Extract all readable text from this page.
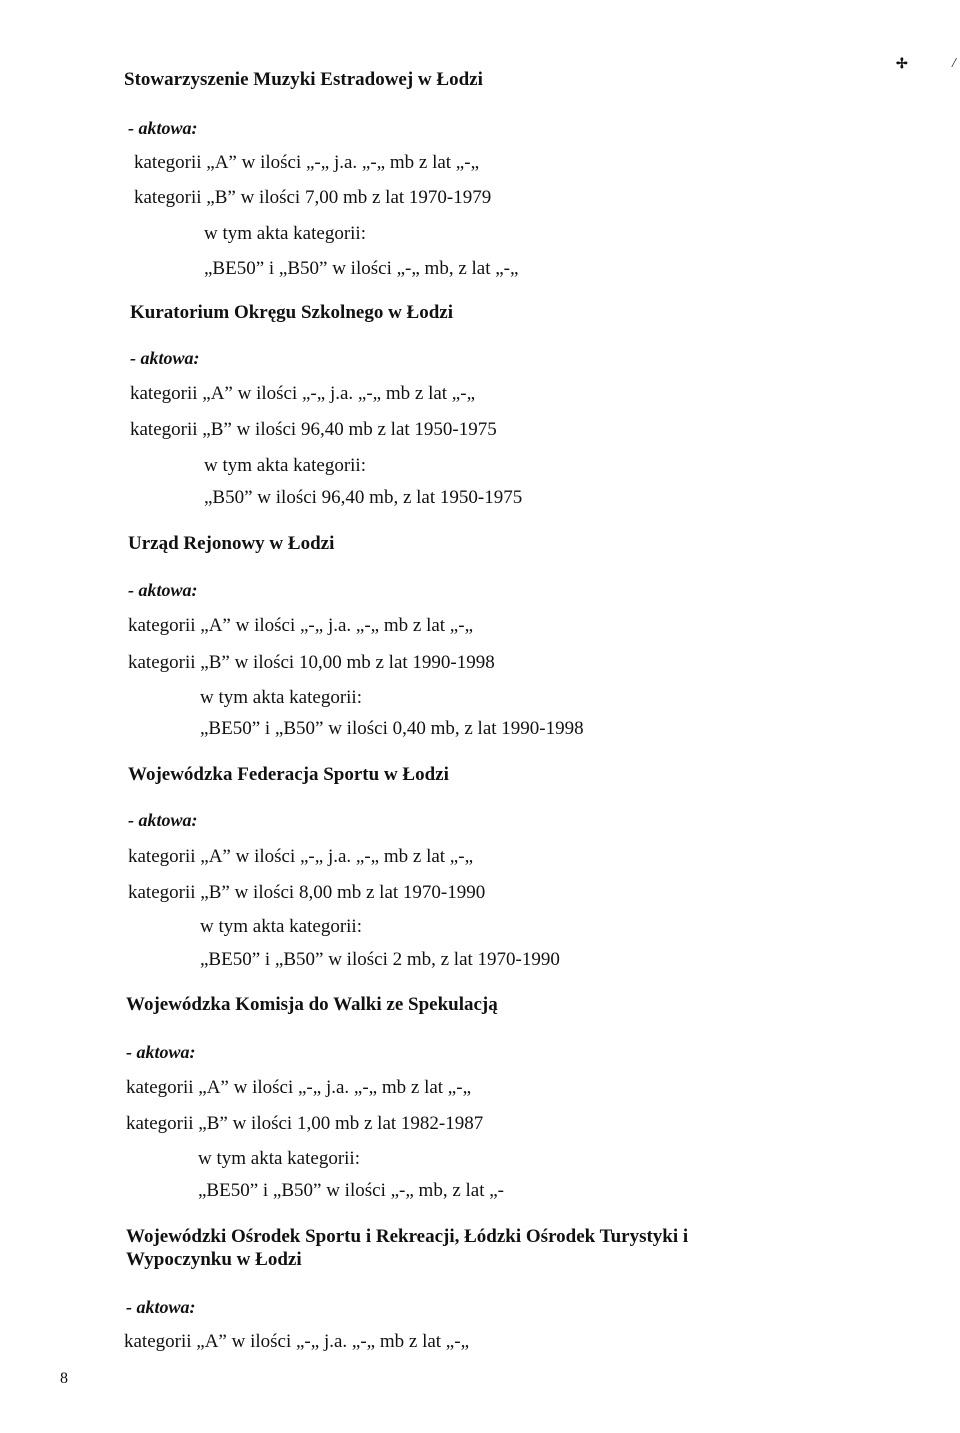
✢	/
Stowarzyszenie Muzyki Estradowej w Łodzi
- aktowa:
kategorii „A” w ilości „-„ j.a. „-„ mb z lat „-„
kategorii „B” w ilości 7,00 mb z lat 1970-1979
w tym akta kategorii:
„BE50” i „B50” w ilości „-„ mb, z lat „-„
Kuratorium Okręgu Szkolnego w Łodzi
- aktowa:
kategorii „A” w ilości „-„ j.a. „-„ mb z lat „-„
kategorii „B” w ilości 96,40 mb z lat 1950-1975
w tym akta kategorii:
„B50” w ilości 96,40 mb, z lat 1950-1975
Urząd Rejonowy w Łodzi
- aktowa:
kategorii „A” w ilości „-„ j.a. „-„ mb z lat „-„
kategorii „B” w ilości 10,00 mb z lat 1990-1998
w tym akta kategorii:
„BE50” i „B50” w ilości 0,40 mb, z lat 1990-1998
Wojewódzka Federacja Sportu w Łodzi
- aktowa:
kategorii „A” w ilości „-„ j.a. „-„ mb z lat „-„
kategorii „B” w ilości 8,00 mb z lat 1970-1990
w tym akta kategorii:
„BE50” i „B50” w ilości 2 mb, z lat 1970-1990
Wojewódzka Komisja do Walki ze Spekulacją
- aktowa:
kategorii „A” w ilości „-„ j.a. „-„ mb z lat „-„
kategorii „B” w ilości 1,00 mb z lat 1982-1987
w tym akta kategorii:
„BE50” i „B50” w ilości „-„ mb, z lat „-
Wojewódzki Ośrodek Sportu i Rekreacji, Łódzki Ośrodek Turystyki i
Wypoczynku w Łodzi
- aktowa:
kategorii „A” w ilości „-„ j.a. „-„ mb z lat „-„
8
